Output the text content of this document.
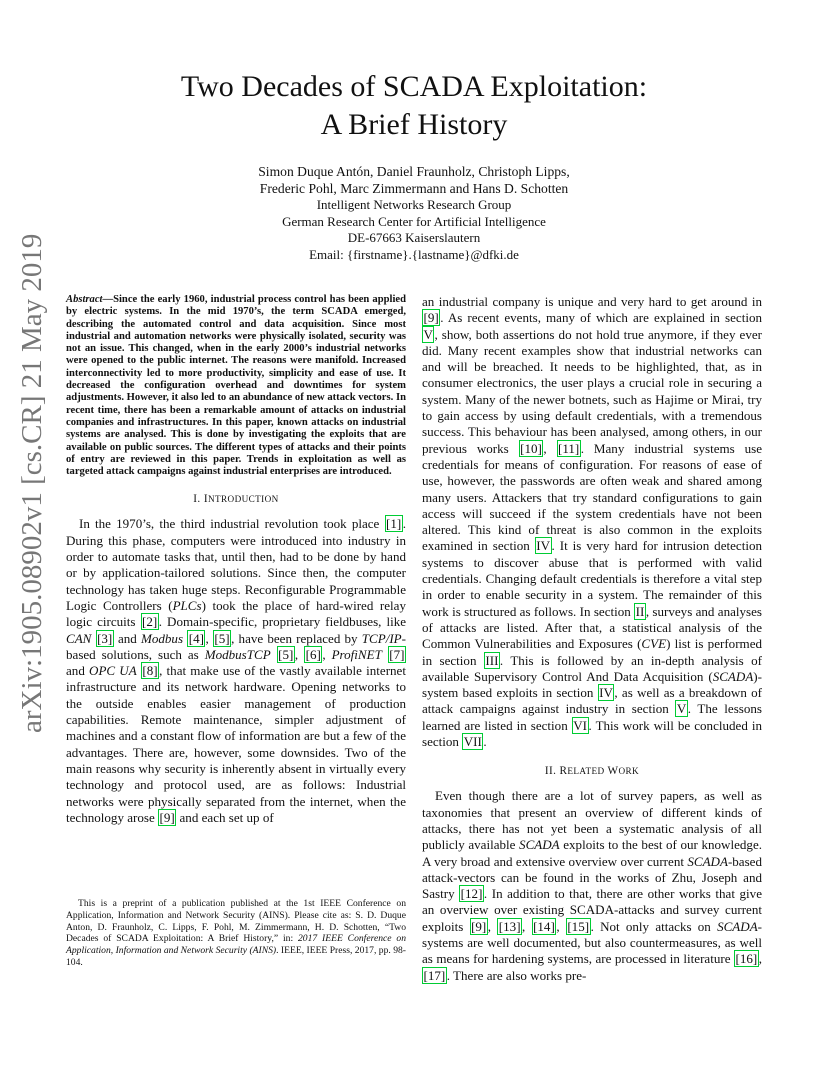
Two Decades of SCADA Exploitation:
A Brief History
Simon Duque Antón, Daniel Fraunholz, Christoph Lipps,
Frederic Pohl, Marc Zimmermann and Hans D. Schotten
Intelligent Networks Research Group
German Research Center for Artificial Intelligence
DE-67663 Kaiserslautern
Email: {firstname}.{lastname}@dfki.de
arXiv:1905.08902v1 [cs.CR] 21 May 2019	Abstract—Since the early 1960, industrial process control has been applied by electric systems. In the mid 1970’s, the term SCADA emerged, describing the automated control and data acquisition. Since most industrial and automation networks were physically isolated, security was not an issue. This changed, when in the early 2000’s industrial networks were opened to the public internet. The reasons were manifold. Increased interconnectivity led to more productivity, simplicity and ease of use. It decreased the configuration overhead and downtimes for system adjustments. However, it also led to an abundance of new attack vectors. In recent time, there has been a remarkable amount of attacks on industrial companies and infrastructures. In this paper, known attacks on industrial systems are analysed. This is done by investigating the exploits that are available on public sources. The different types of attacks and their points of entry are reviewed in this paper. Trends in exploitation as well as targeted attack campaigns against industrial enterprises are introduced.

I. INTRODUCTION

In the 1970’s, the third industrial revolution took place [1] . During this phase, computers were introduced into industry in order to automate tasks that, until then, had to be done by hand or by application-tailored solutions. Since then, the computer technology has taken huge steps. Reconfigurable Programmable Logic Controllers (PLCs) took the place of hard-wired relay logic circuits [2] . Domain-specific, proprietary fieldbuses, like CAN [3] and Modbus [4] , [5] , have been replaced by TCP/IP-based solutions, such as ModbusTCP [5] , [6] , ProfiNET [7] and OPC UA [8] , that make use of the vastly available internet infrastructure and its network hardware. Opening networks to the outside enables easier management of production capabilities. Remote maintenance, simpler adjustment of machines and a constant flow of information are but a few of the advantages. There are, however, some downsides. Two of the main reasons why security is inherently absent in virtually every technology and protocol used, are as follows: Industrial networks were physically separated from the internet, when the technology arose [9] and each set up of

This is a preprint of a publication published at the 1st IEEE Conference on Application, Information and Network Security (AINS). Please cite as: S. D. Duque Anton, D. Fraunholz, C. Lipps, F. Pohl, M. Zimmermann, H. D. Schotten, “Two Decades of SCADA Exploitation: A Brief History,” in: 2017 IEEE Conference on Application, Information and Network Security (AINS). IEEE, IEEE Press, 2017, pp. 98-104.

an industrial company is unique and very hard to get around in [9] . As recent events, many of which are explained in section V , show, both assertions do not hold true anymore, if they ever did. Many recent examples show that industrial networks can and will be breached. It needs to be highlighted, that, as in consumer electronics, the user plays a crucial role in securing a system. Many of the newer botnets, such as Hajime or Mirai, try to gain access by using default credentials, with a tremendous success. This behaviour has been analysed, among others, in our previous works [10] , [11] . Many industrial systems use credentials for means of configuration. For reasons of ease of use, however, the passwords are often weak and shared among many users. Attackers that try standard configurations to gain access will succeed if the system credentials have not been altered. This kind of threat is also common in the exploits examined in section IV . It is very hard for intrusion detection systems to discover abuse that is performed with valid credentials. Changing default credentials is therefore a vital step in order to enable security in a system. The remainder of this work is structured as follows. In section II , surveys and analyses of attacks are listed. After that, a statistical analysis of the Common Vulnerabilities and Exposures (CVE) list is performed in section III . This is followed by an in-depth analysis of available Supervisory Control And Data Acquisition (SCADA)-system based exploits in section IV , as well as a breakdown of attack campaigns against industry in section V . The lessons learned are listed in section VI . This work will be concluded in section VII .

II. RELATED WORK

Even though there are a lot of survey papers, as well as taxonomies that present an overview of different kinds of attacks, there has not yet been a systematic analysis of all publicly available SCADA exploits to the best of our knowledge. A very broad and extensive overview over current SCADA-based attack-vectors can be found in the works of Zhu, Joseph and Sastry [12] . In addition to that, there are other works that give an overview over existing SCADA-attacks and survey current exploits [9] , [13] , [14] , [15] . Not only attacks on SCADA-systems are well documented, but also countermeasures, as well as means for hardening systems, are processed in literature [16] , [17] . There are also works pre-
